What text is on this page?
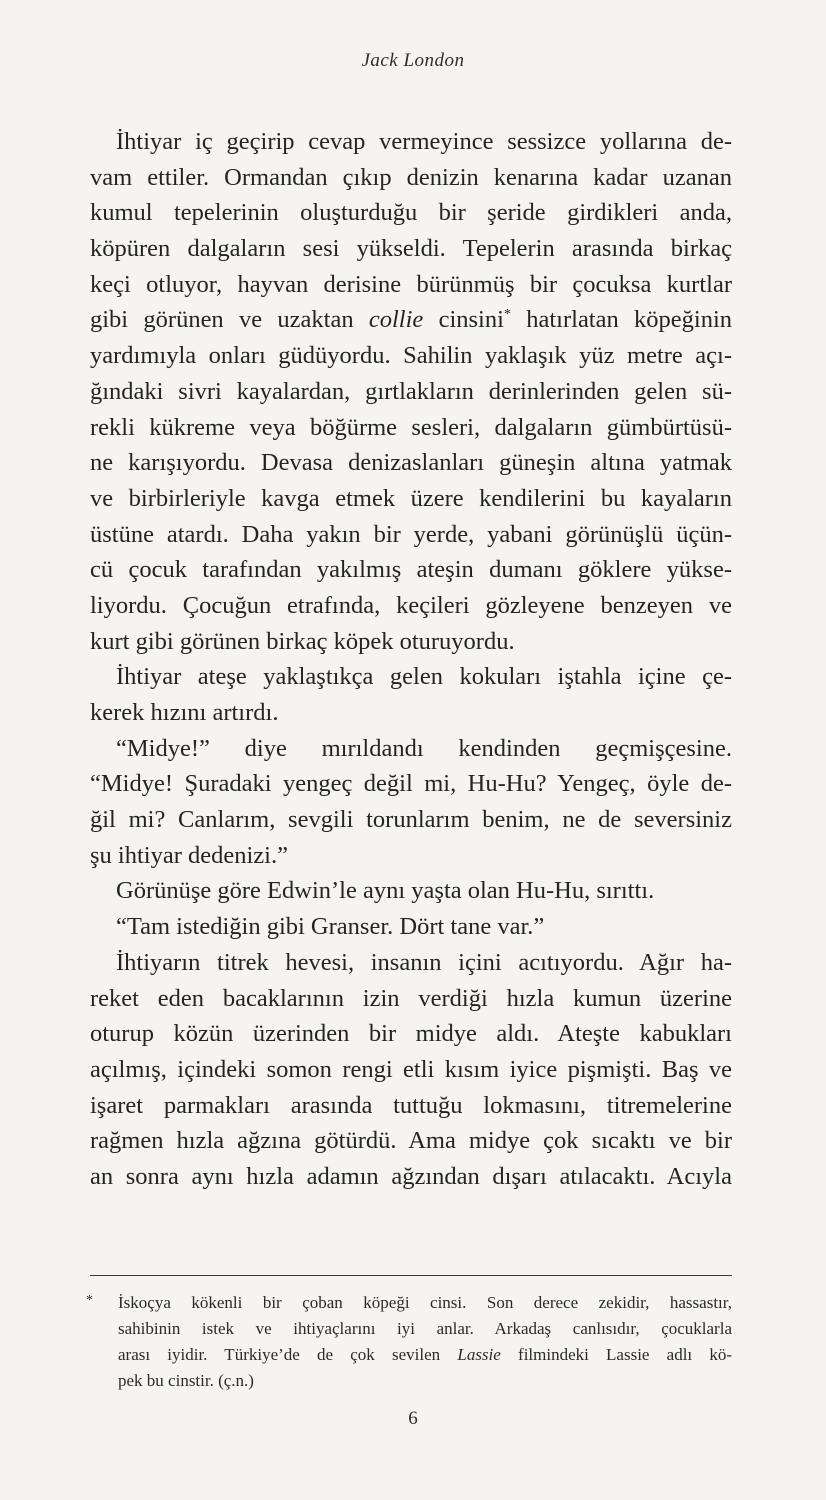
Jack London
İhtiyar iç geçirip cevap vermeyince sessizce yollarına de-
vam ettiler. Ormandan çıkıp denizin kenarına kadar uzanan
kumul tepelerinin oluşturduğu bir şeride girdikleri anda,
köpüren dalgaların sesi yükseldi. Tepelerin arasında birkaç
keçi otluyor, hayvan derisine bürünmüş bir çocuksa kurtlar
gibi görünen ve uzaktan collie cinsini* hatırlatan köpeğinin
yardımıyla onları güdüyordu. Sahilin yaklaşık yüz metre açı-
ğındaki sivri kayalardan, gırtlakların derinlerinden gelen sü-
rekli kükreme veya böğürme sesleri, dalgaların gümbürtüsü-
ne karışıyordu. Devasa denizaslanları güneşin altına yatmak
ve birbirleriyle kavga etmek üzere kendilerini bu kayaların
üstüne atardı. Daha yakın bir yerde, yabani görünüşlü üçün-
cü çocuk tarafından yakılmış ateşin dumanı göklere yükse-
liyordu. Çocuğun etrafında, keçileri gözleyene benzeyen ve
kurt gibi görünen birkaç köpek oturuyordu.
İhtiyar ateşe yaklaştıkça gelen kokuları iştahla içine çe-
kerek hızını artırdı.
“Midye!” diye mırıldandı kendinden geçmişçesine.
“Midye! Şuradaki yengeç değil mi, Hu-Hu? Yengeç, öyle de-
ğil mi? Canlarım, sevgili torunlarım benim, ne de seversiniz
şu ihtiyar dedenizi.”
Görünüşe göre Edwin’le aynı yaşta olan Hu-Hu, sırıttı.
“Tam istediğin gibi Granser. Dört tane var.”
İhtiyarın titrek hevesi, insanın içini acıtıyordu. Ağır ha-
reket eden bacaklarının izin verdiği hızla kumun üzerine
oturup közün üzerinden bir midye aldı. Ateşte kabukları
açılmış, içindeki somon rengi etli kısım iyice pişmişti. Baş ve
işaret parmakları arasında tuttuğu lokmasını, titremelerine
rağmen hızla ağzına götürdü. Ama midye çok sıcaktı ve bir
an sonra aynı hızla adamın ağzından dışarı atılacaktı. Acıyla
* İskoçya kökenli bir çoban köpeği cinsi. Son derece zekidir, hassastır,
sahibinin istek ve ihtiyaçlarını iyi anlar. Arkadaş canlısıdır, çocuklarla
arası iyidir. Türkiye’de de çok sevilen Lassie filmindeki Lassie adlı kö-
pek bu cinstir. (ç.n.)
6
